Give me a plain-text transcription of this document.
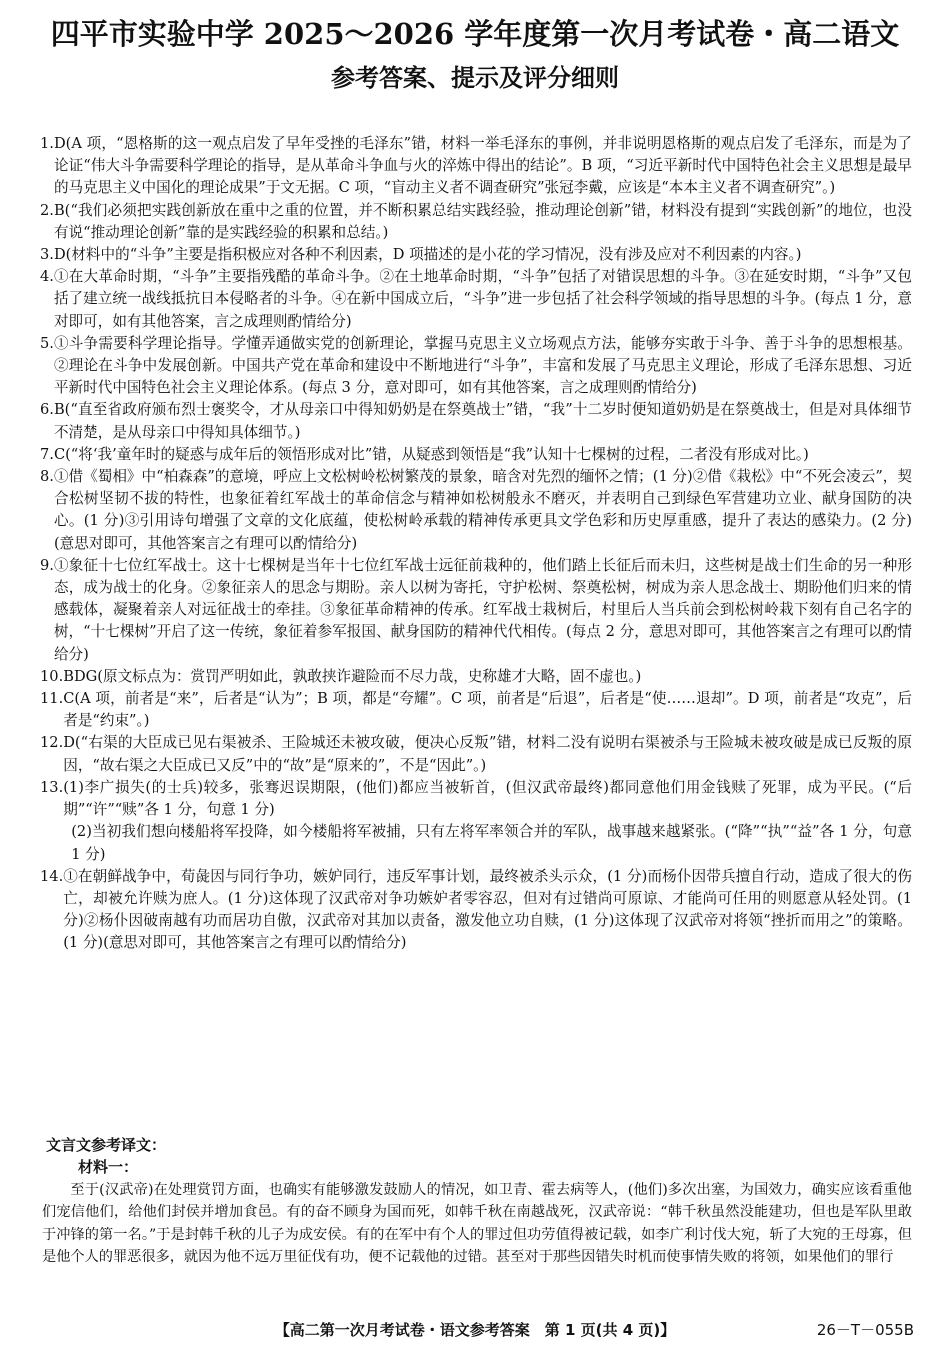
四平市实验中学 2025～2026 学年度第一次月考试卷・高二语文
参考答案、提示及评分细则
1. D(A 项，“恩格斯的这一观点启发了早年受挫的毛泽东”错，材料一举毛泽东的事例，并非说明恩格斯的观点启发了毛泽东，而是为了论证“伟大斗争需要科学理论的指导，是从革命斗争血与火的淬炼中得出的结论”。B 项，“习近平新时代中国特色社会主义思想是最早的马克思主义中国化的理论成果”于文无据。C 项，“盲动主义者不调查研究”张冠李戴，应该是“本本主义者不调查研究”。)
2. B(“我们必须把实践创新放在重中之重的位置，并不断积累总结实践经验，推动理论创新”错，材料没有提到“实践创新”的地位，也没有说“推动理论创新”靠的是实践经验的积累和总结。)
3. D(材料中的“斗争”主要是指积极应对各种不利因素，D 项描述的是小花的学习情况，没有涉及应对不利因素的内容。)
4. ①在大革命时期，“斗争”主要指残酷的革命斗争。②在土地革命时期，“斗争”包括了对错误思想的斗争。③在延安时期，“斗争”又包括了建立统一战线抵抗日本侵略者的斗争。④在新中国成立后，“斗争”进一步包括了社会科学领域的指导思想的斗争。(每点 1 分，意对即可，如有其他答案，言之成理则酌情给分)
5. ①斗争需要科学理论指导。学懂弄通做实党的创新理论，掌握马克思主义立场观点方法，能够夯实敢于斗争、善于斗争的思想根基。②理论在斗争中发展创新。中国共产党在革命和建设中不断地进行“斗争”，丰富和发展了马克思主义理论，形成了毛泽东思想、习近平新时代中国特色社会主义理论体系。(每点 3 分，意对即可，如有其他答案，言之成理则酌情给分)
6. B(“直至省政府颁布烈士褒奖令，才从母亲口中得知奶奶是在祭奠战士”错，“我”十二岁时便知道奶奶是在祭奠战士，但是对具体细节不清楚，是从母亲口中得知具体细节。)
7. C(“将‘我’童年时的疑惑与成年后的领悟形成对比”错，从疑惑到领悟是“我”认知十七棵树的过程，二者没有形成对比。)
8. ①借《蜀相》中“柏森森”的意境，呼应上文松树岭松树繁茂的景象，暗含对先烈的缅怀之情；(1 分)②借《栽松》中“不死会凌云”，契合松树坚韧不拔的特性，也象征着红军战士的革命信念与精神如松树般永不磨灭，并表明自己到绿色军营建功立业、献身国防的决心。(1 分)③引用诗句增强了文章的文化底蕴，使松树岭承载的精神传承更具文学色彩和历史厚重感，提升了表达的感染力。(2 分)(意思对即可，其他答案言之有理可以酌情给分)
9. ①象征十七位红军战士。这十七棵树是当年十七位红军战士远征前栽种的，他们踏上长征后而未归，这些树是战士们生命的另一种形态，成为战士的化身。②象征亲人的思念与期盼。亲人以树为寄托，守护松树、祭奠松树，树成为亲人思念战士、期盼他们归来的情感载体，凝聚着亲人对远征战士的牵挂。③象征革命精神的传承。红军战士栽树后，村里后人当兵前会到松树岭栽下刻有自己名字的树，“十七棵树”开启了这一传统，象征着参军报国、献身国防的精神代代相传。(每点 2 分，意思对即可，其他答案言之有理可以酌情给分)
10. BDG(原文标点为：赏罚严明如此，孰敢挟诈避险而不尽力哉，史称雄才大略，固不虚也。)
11. C(A 项，前者是“来”，后者是“认为”；B 项，都是“夸耀”。C 项，前者是“后退”，后者是“使……退却”。D 项，前者是“攻克”，后者是“约束”。)
12. D(“右渠的大臣成已见右渠被杀、王险城还未被攻破，便决心反叛”错，材料二没有说明右渠被杀与王险城未被攻破是成已反叛的原因，“故右渠之大臣成已又反”中的“故”是“原来的”，不是“因此”。)
13. (1)李广损失(的士兵)较多，张骞迟误期限，(他们)都应当被斩首，(但汉武帝最终)都同意他们用金钱赎了死罪，成为平民。(“后期”“许”“赎”各 1 分，句意 1 分)
(2)当初我们想向楼船将军投降，如今楼船将军被捕，只有左将军率领合并的军队，战事越来越紧张。(“降”“执”“益”各 1 分，句意 1 分)
14. ①在朝鲜战争中，荀彘因与同行争功，嫉妒同行，违反军事计划，最终被杀头示众，(1 分)而杨仆因带兵擅自行动，造成了很大的伤亡，却被允许赎为庶人。(1 分)这体现了汉武帝对争功嫉妒者零容忍，但对有过错尚可原谅、才能尚可任用的则愿意从轻处罚。(1 分)②杨仆因破南越有功而居功自傲，汉武帝对其加以责备，激发他立功自赎，(1 分)这体现了汉武帝对将领“挫折而用之”的策略。(1 分)(意思对即可，其他答案言之有理可以酌情给分)
文言文参考译文：
材料一：
至于(汉武帝)在处理赏罚方面，也确实有能够激发鼓励人的情况，如卫青、霍去病等人，(他们)多次出塞，为国效力，确实应该看重他们宠信他们，给他们封侯并增加食邑。有的奋不顾身为国而死，如韩千秋在南越战死，汉武帝说：“韩千秋虽然没能建功，但也是军队里敢于冲锋的第一名。”于是封韩千秋的儿子为成安侯。有的在军中有个人的罪过但功劳值得被记载，如李广利讨伐大宛，斩了大宛的王母寡，但是他个人的罪恶很多，就因为他不远万里征伐有功，便不记载他的过错。甚至对于那些因错失时机而使事情失败的将领，如果他们的罪行
【高二第一次月考试卷・语文参考答案　第 1 页(共 4 页)】	26－T－055B
